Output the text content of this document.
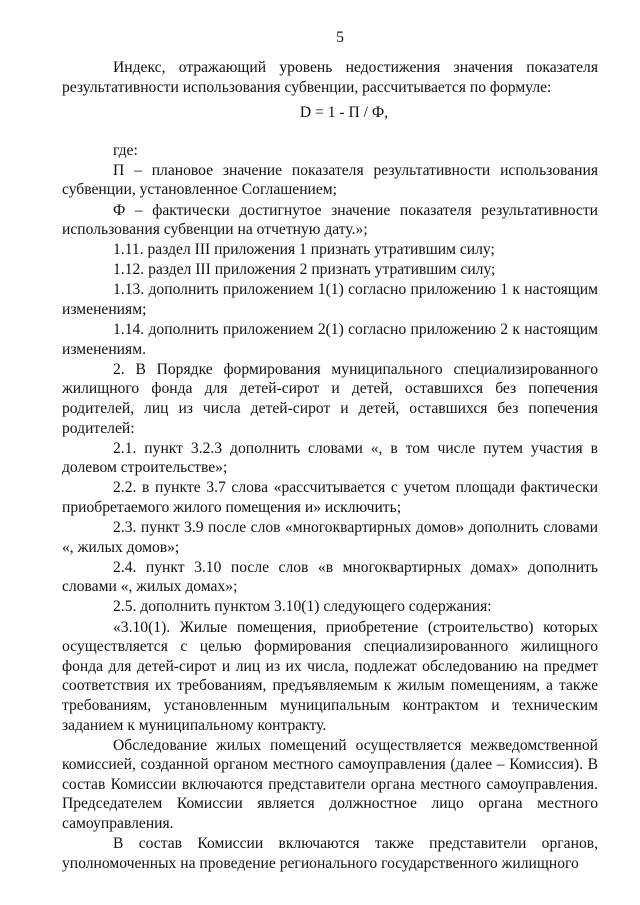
5

Индекс, отражающий уровень недостижения значения показателя результативности использования субвенции, рассчитывается по формуле:

D = 1 - П / Ф,

где:

П – плановое значение показателя результативности использования субвенции, установленное Соглашением;

Ф – фактически достигнутое значение показателя результативности использования субвенции на отчетную дату.»;

1.11. раздел III приложения 1 признать утратившим силу;

1.12. раздел III приложения 2 признать утратившим силу;

1.13. дополнить приложением 1(1) согласно приложению 1 к настоящим изменениям;

1.14. дополнить приложением 2(1) согласно приложению 2 к настоящим изменениям.

2. В Порядке формирования муниципального специализированного жилищного фонда для детей-сирот и детей, оставшихся без попечения родителей, лиц из числа детей-сирот и детей, оставшихся без попечения родителей:

2.1. пункт 3.2.3 дополнить словами «, в том числе путем участия в долевом строительстве»;

2.2. в пункте 3.7 слова «рассчитывается с учетом площади фактически приобретаемого жилого помещения и» исключить;

2.3. пункт 3.9 после слов «многоквартирных домов» дополнить словами «, жилых домов»;

2.4. пункт 3.10 после слов «в многоквартирных домах» дополнить словами «, жилых домах»;

2.5. дополнить пунктом 3.10(1) следующего содержания:

«3.10(1). Жилые помещения, приобретение (строительство) которых осуществляется с целью формирования специализированного жилищного фонда для детей-сирот и лиц из их числа, подлежат обследованию на предмет соответствия их требованиям, предъявляемым к жилым помещениям, а также требованиям, установленным муниципальным контрактом и техническим заданием к муниципальному контракту.

Обследование жилых помещений осуществляется межведомственной комиссией, созданной органом местного самоуправления (далее – Комиссия). В состав Комиссии включаются представители органа местного самоуправления. Председателем Комиссии является должностное лицо органа местного самоуправления.

В состав Комиссии включаются также представители органов, уполномоченных на проведение регионального государственного жилищного
